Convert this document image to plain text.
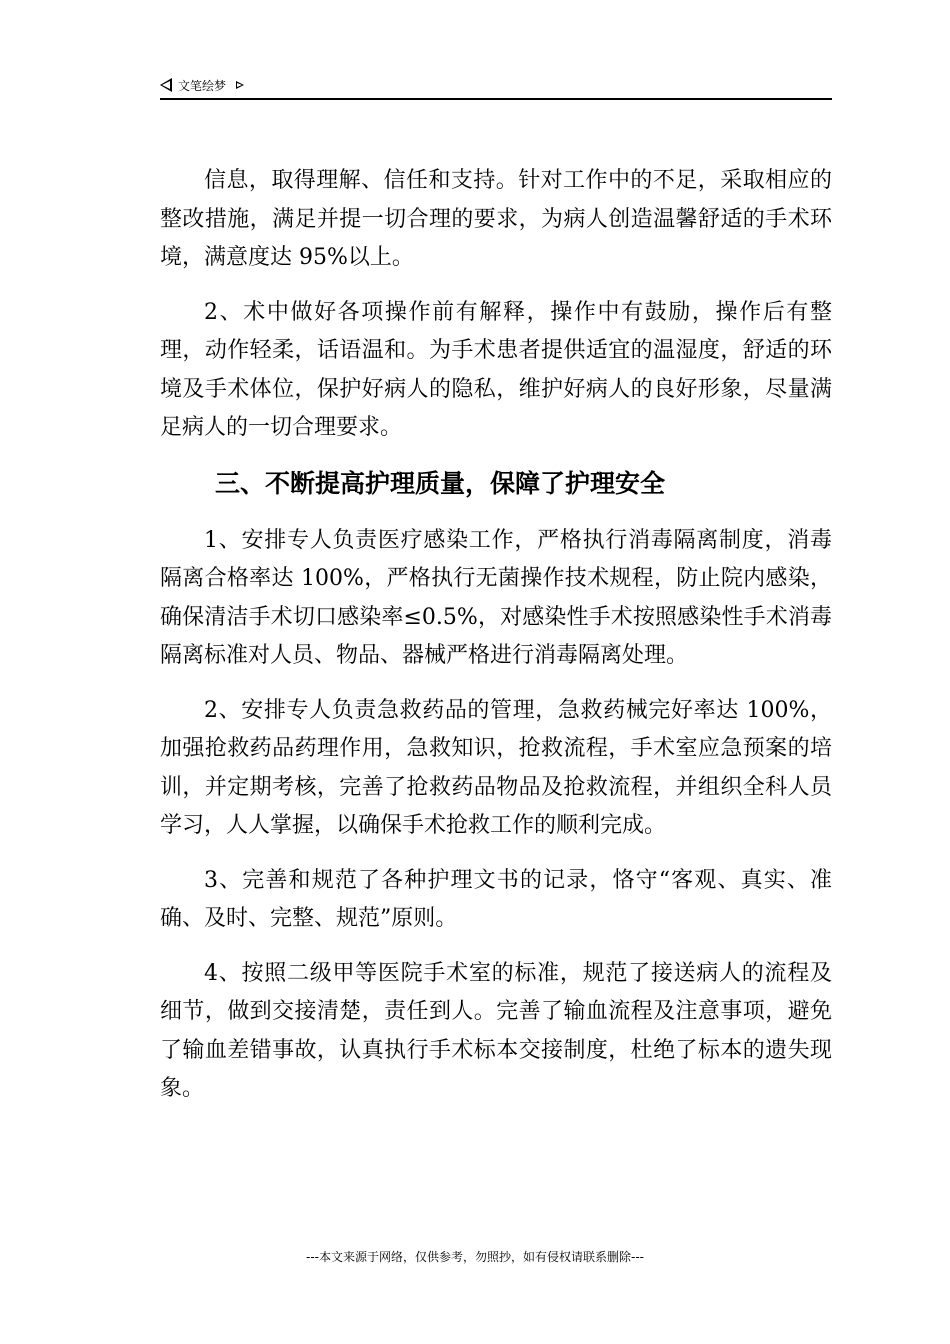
文笔绘梦

信息，取得理解、信任和支持。针对工作中的不足，采取相应的整改措施，满足并提一切合理的要求，为病人创造温馨舒适的手术环境，满意度达 95%以上。

2、术中做好各项操作前有解释，操作中有鼓励，操作后有整理，动作轻柔，话语温和。为手术患者提供适宜的温湿度，舒适的环境及手术体位，保护好病人的隐私，维护好病人的良好形象，尽量满足病人的一切合理要求。

三、不断提高护理质量，保障了护理安全

1、安排专人负责医疗感染工作，严格执行消毒隔离制度，消毒隔离合格率达 100%，严格执行无菌操作技术规程，防止院内感染，确保清洁手术切口感染率≤0.5%，对感染性手术按照感染性手术消毒隔离标准对人员、物品、器械严格进行消毒隔离处理。

2、安排专人负责急救药品的管理，急救药械完好率达 100%，加强抢救药品药理作用，急救知识，抢救流程，手术室应急预案的培训，并定期考核，完善了抢救药品物品及抢救流程，并组织全科人员学习，人人掌握，以确保手术抢救工作的顺利完成。

3、完善和规范了各种护理文书的记录，恪守“客观、真实、准确、及时、完整、规范”原则。

4、按照二级甲等医院手术室的标准，规范了接送病人的流程及细节，做到交接清楚，责任到人。完善了输血流程及注意事项，避免了输血差错事故，认真执行手术标本交接制度，杜绝了标本的遗失现象。

---本文来源于网络，仅供参考，勿照抄，如有侵权请联系删除---
